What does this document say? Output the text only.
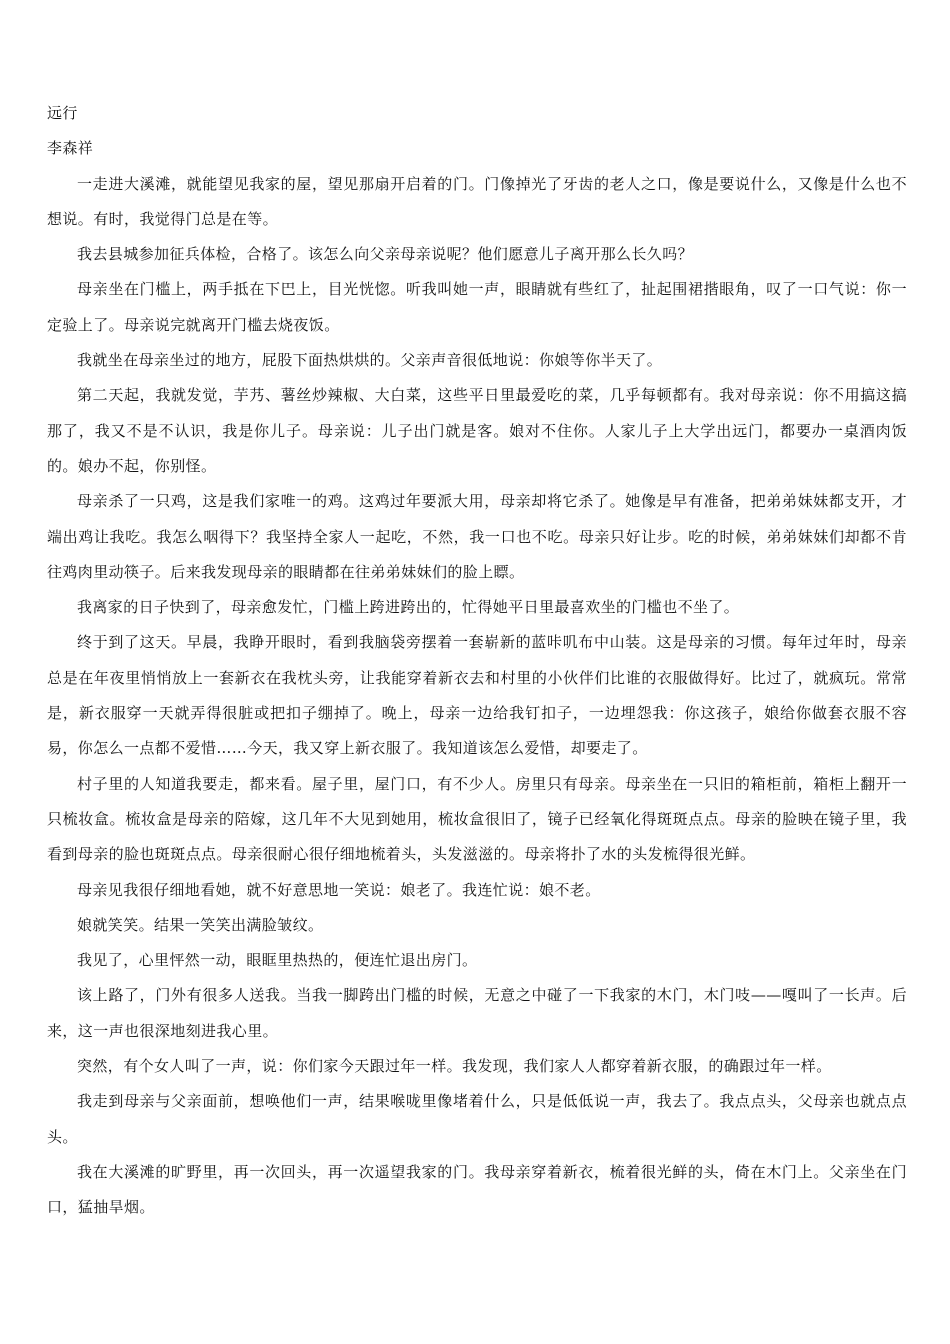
远行
李森祥

一走进大溪滩，就能望见我家的屋，望见那扇开启着的门。门像掉光了牙齿的老人之口，像是要说什么，又像是什么也不想说。有时，我觉得门总是在等。

我去县城参加征兵体检，合格了。该怎么向父亲母亲说呢？他们愿意儿子离开那么长久吗？

母亲坐在门槛上，两手抵在下巴上，目光恍惚。听我叫她一声，眼睛就有些红了，扯起围裙揩眼角，叹了一口气说：你一定验上了。母亲说完就离开门槛去烧夜饭。

我就坐在母亲坐过的地方，屁股下面热烘烘的。父亲声音很低地说：你娘等你半天了。

第二天起，我就发觉，芋艿、薯丝炒辣椒、大白菜，这些平日里最爱吃的菜，几乎每顿都有。我对母亲说：你不用搞这搞那了，我又不是不认识，我是你儿子。母亲说：儿子出门就是客。娘对不住你。人家儿子上大学出远门，都要办一桌酒肉饭的。娘办不起，你别怪。

母亲杀了一只鸡，这是我们家唯一的鸡。这鸡过年要派大用，母亲却将它杀了。她像是早有准备，把弟弟妹妹都支开，才端出鸡让我吃。我怎么咽得下？我坚持全家人一起吃，不然，我一口也不吃。母亲只好让步。吃的时候，弟弟妹妹们却都不肯往鸡肉里动筷子。后来我发现母亲的眼睛都在往弟弟妹妹们的脸上瞟。

我离家的日子快到了，母亲愈发忙，门槛上跨进跨出的，忙得她平日里最喜欢坐的门槛也不坐了。

终于到了这天。早晨，我睁开眼时，看到我脑袋旁摆着一套崭新的蓝咔叽布中山装。这是母亲的习惯。每年过年时，母亲总是在年夜里悄悄放上一套新衣在我枕头旁，让我能穿着新衣去和村里的小伙伴们比谁的衣服做得好。比过了，就疯玩。常常是，新衣服穿一天就弄得很脏或把扣子绷掉了。晚上，母亲一边给我钉扣子，一边埋怨我：你这孩子，娘给你做套衣服不容易，你怎么一点都不爱惜……今天，我又穿上新衣服了。我知道该怎么爱惜，却要走了。

村子里的人知道我要走，都来看。屋子里，屋门口，有不少人。房里只有母亲。母亲坐在一只旧的箱柜前，箱柜上翻开一只梳妆盒。梳妆盒是母亲的陪嫁，这几年不大见到她用，梳妆盒很旧了，镜子已经氧化得斑斑点点。母亲的脸映在镜子里，我看到母亲的脸也斑斑点点。母亲很耐心很仔细地梳着头，头发滋滋的。母亲将扑了水的头发梳得很光鲜。

母亲见我很仔细地看她，就不好意思地一笑说：娘老了。我连忙说：娘不老。

娘就笑笑。结果一笑笑出满脸皱纹。

我见了，心里怦然一动，眼眶里热热的，便连忙退出房门。

该上路了，门外有很多人送我。当我一脚跨出门槛的时候，无意之中碰了一下我家的木门，木门吱——嘎叫了一长声。后来，这一声也很深地刻进我心里。

突然，有个女人叫了一声，说：你们家今天跟过年一样。我发现，我们家人人都穿着新衣服，的确跟过年一样。

我走到母亲与父亲面前，想唤他们一声，结果喉咙里像堵着什么，只是低低说一声，我去了。我点点头，父母亲也就点点头。

我在大溪滩的旷野里，再一次回头，再一次遥望我家的门。我母亲穿着新衣，梳着很光鲜的头，倚在木门上。父亲坐在门口，猛抽旱烟。
